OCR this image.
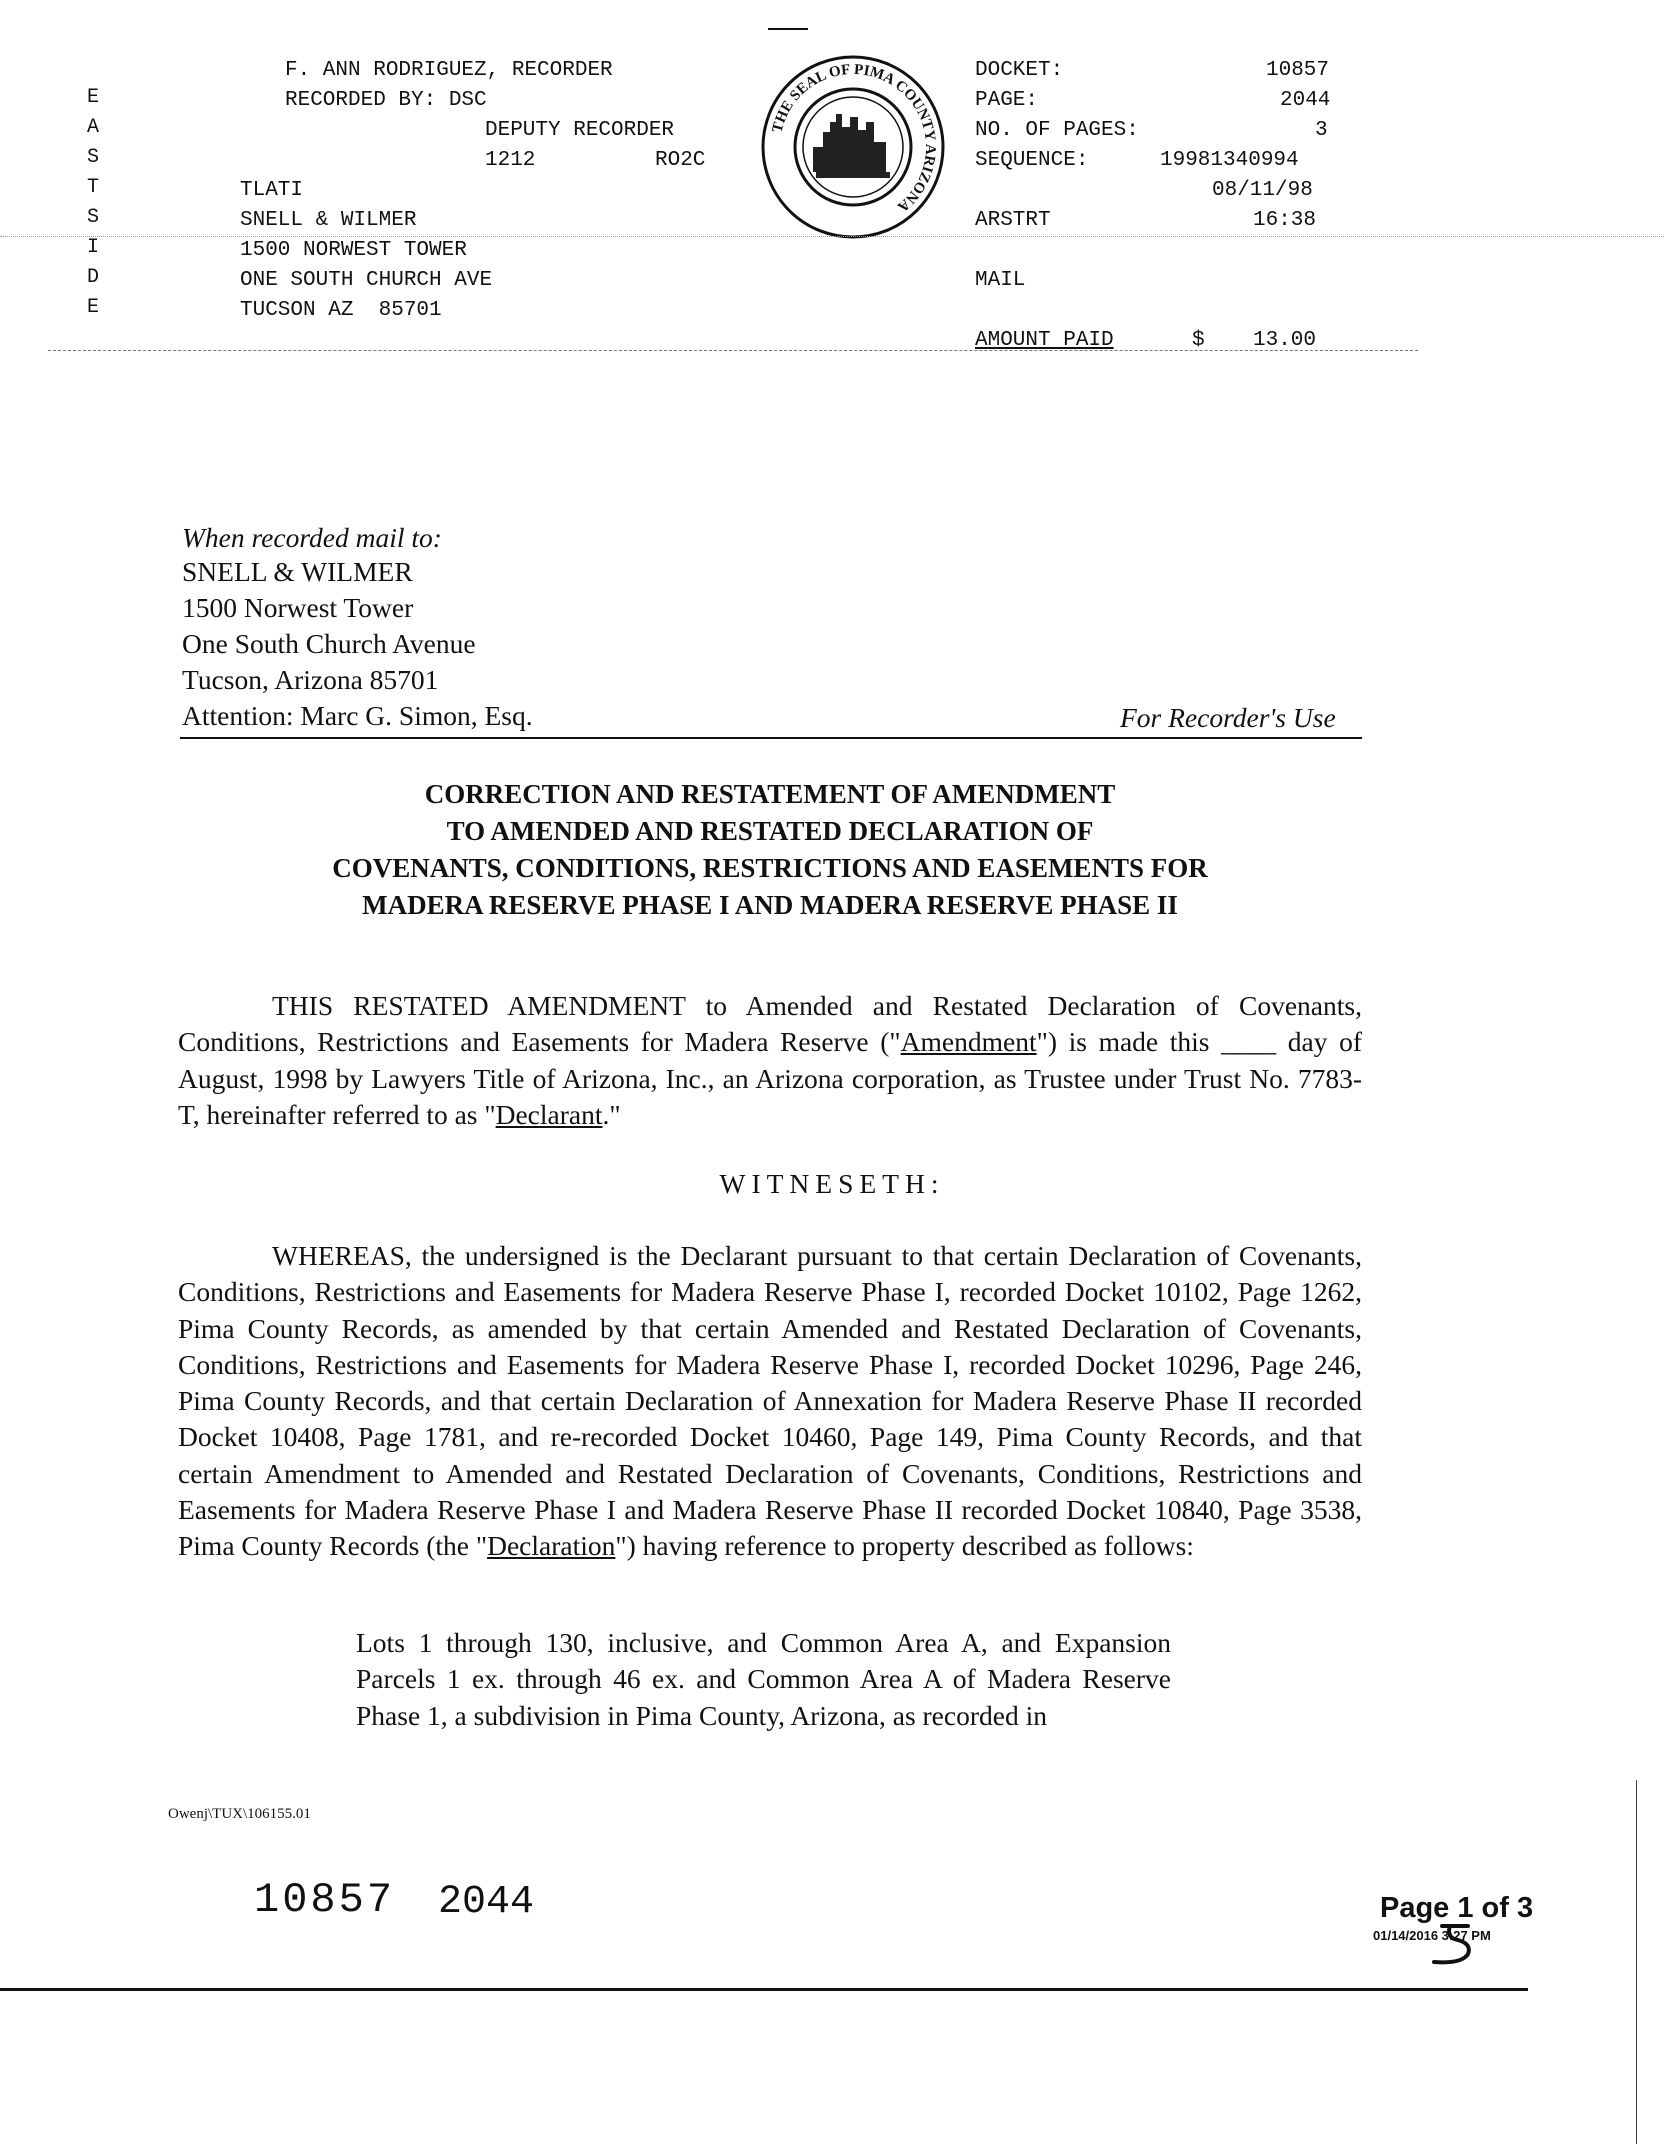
E
A
S
T
S
I
D
E
F. ANN RODRIGUEZ, RECORDER
RECORDED BY: DSC
DEPUTY RECORDER
1212	RO2C
TLATI
SNELL & WILMER
1500 NORWEST TOWER
ONE SOUTH CHURCH AVE
TUCSON AZ  85701
THE SEAL OF PIMA COUNTY ARIZONA
DOCKET:	10857
PAGE:	2044
NO. OF PAGES:	3
SEQUENCE:	19981340994
08/11/98
ARSTRT	16:38
MAIL
AMOUNT PAID	$ 13.00
When recorded mail to:
SNELL & WILMER
1500 Norwest Tower
One South Church Avenue
Tucson, Arizona 85701
Attention: Marc G. Simon, Esq.	For Recorder's Use
CORRECTION AND RESTATEMENT OF AMENDMENT
TO AMENDED AND RESTATED DECLARATION OF
COVENANTS, CONDITIONS, RESTRICTIONS AND EASEMENTS FOR
MADERA RESERVE PHASE I AND MADERA RESERVE PHASE II
THIS RESTATED AMENDMENT to Amended and Restated Declaration of Covenants, Conditions, Restrictions and Easements for Madera Reserve ("Amendment") is made this ____ day of August, 1998 by Lawyers Title of Arizona, Inc., an Arizona corporation, as Trustee under Trust No. 7783-T, hereinafter referred to as "Declarant."
WITNESETH:
WHEREAS, the undersigned is the Declarant pursuant to that certain Declaration of Covenants, Conditions, Restrictions and Easements for Madera Reserve Phase I, recorded Docket 10102, Page 1262, Pima County Records, as amended by that certain Amended and Restated Declaration of Covenants, Conditions, Restrictions and Easements for Madera Reserve Phase I, recorded Docket 10296, Page 246, Pima County Records, and that certain Declaration of Annexation for Madera Reserve Phase II recorded Docket 10408, Page 1781, and re-recorded Docket 10460, Page 149, Pima County Records, and that certain Amendment to Amended and Restated Declaration of Covenants, Conditions, Restrictions and Easements for Madera Reserve Phase I and Madera Reserve Phase II recorded Docket 10840, Page 3538, Pima County Records (the "Declaration") having reference to property described as follows:
Lots 1 through 130, inclusive, and Common Area A, and Expansion Parcels 1 ex. through 46 ex. and Common Area A of Madera Reserve Phase 1, a subdivision in Pima County, Arizona, as recorded in
Owenj\TUX\106155.01
10857 2044	Page 1 of 3
01/14/2016 3:27 PM
